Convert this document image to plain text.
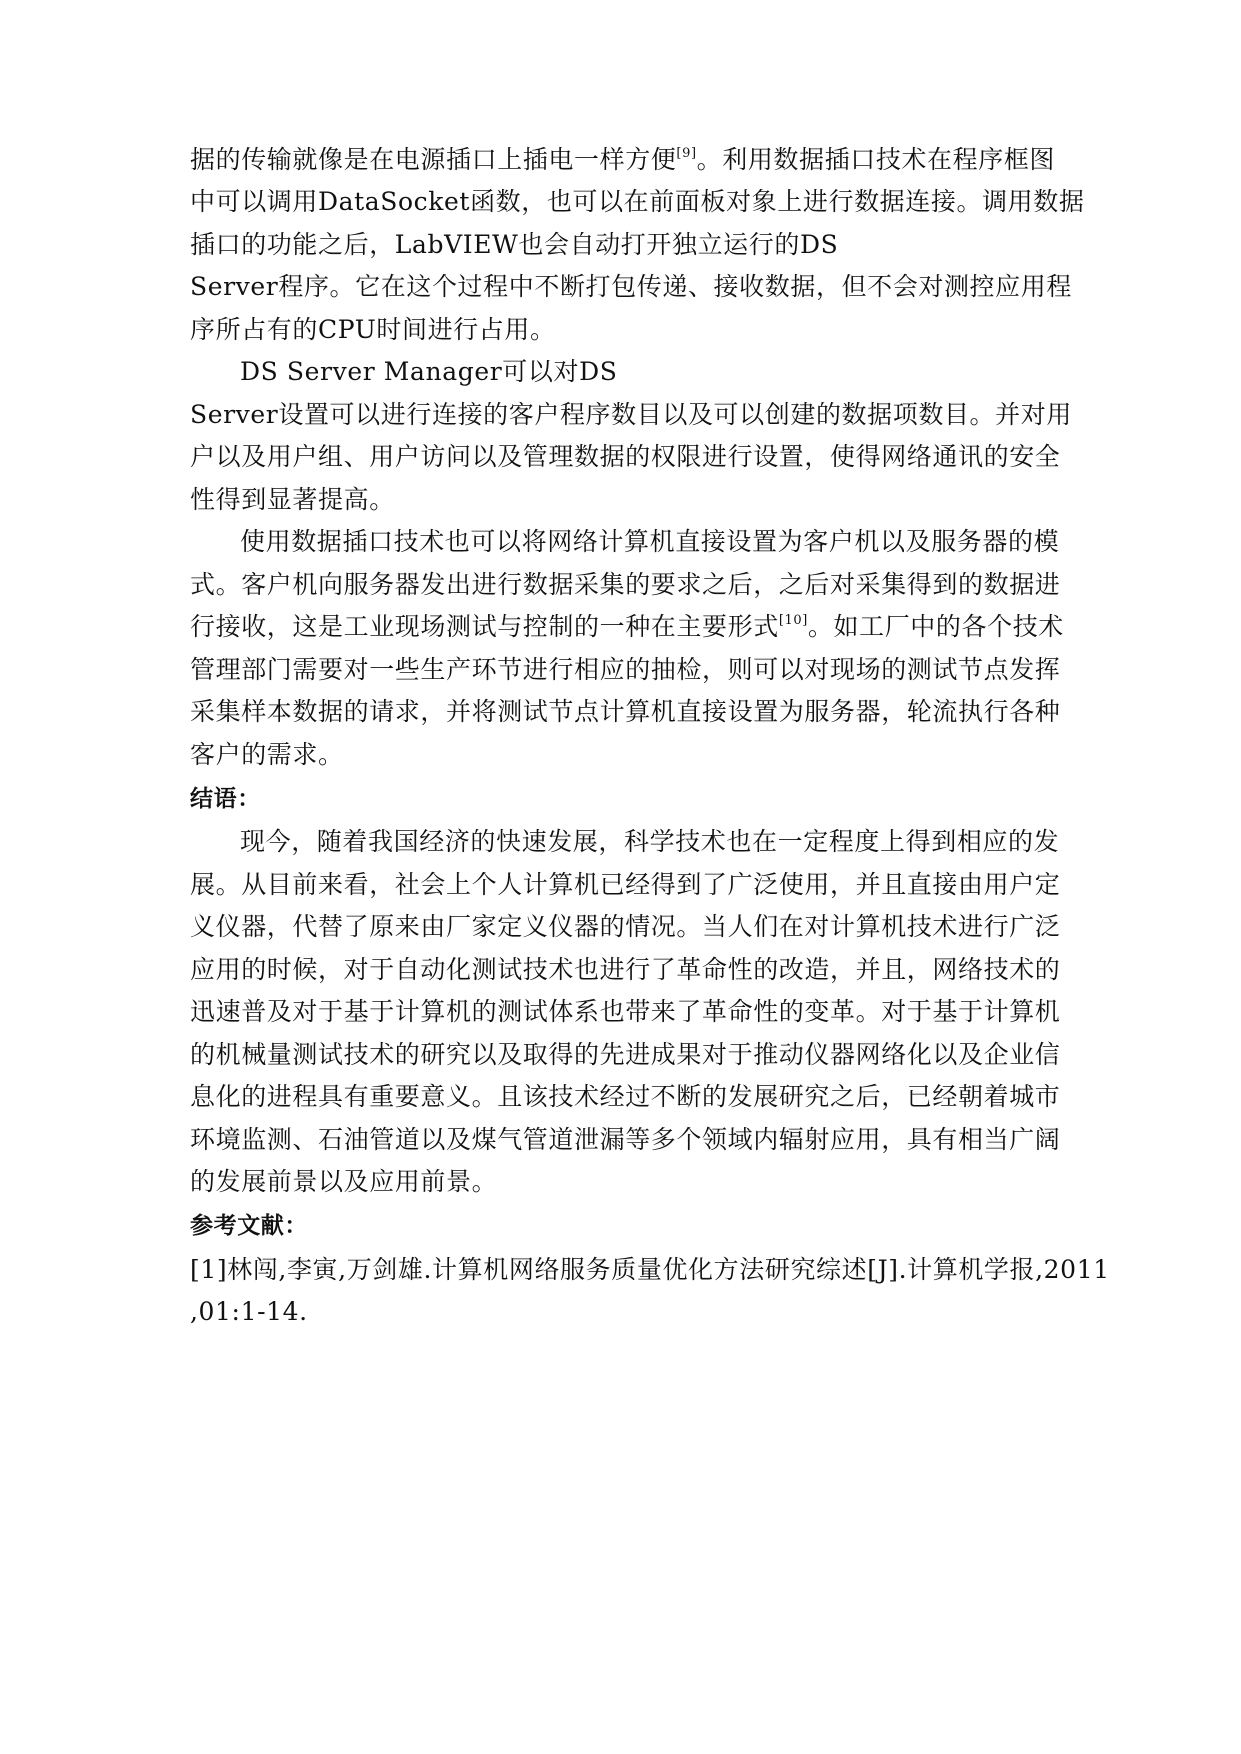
据的传输就像是在电源插口上插电一样方便[9]。利用数据插口技术在程序框图
中可以调用DataSocket函数，也可以在前面板对象上进行数据连接。调用数据
插口的功能之后，LabVIEW也会自动打开独立运行的DS
Server程序。它在这个过程中不断打包传递、接收数据，但不会对测控应用程
序所占有的CPU时间进行占用。
DS Server Manager可以对DS
Server设置可以进行连接的客户程序数目以及可以创建的数据项数目。并对用
户以及用户组、用户访问以及管理数据的权限进行设置，使得网络通讯的安全
性得到显著提高。
使用数据插口技术也可以将网络计算机直接设置为客户机以及服务器的模
式。客户机向服务器发出进行数据采集的要求之后，之后对采集得到的数据进
行接收，这是工业现场测试与控制的一种在主要形式[10]。如工厂中的各个技术
管理部门需要对一些生产环节进行相应的抽检，则可以对现场的测试节点发挥
采集样本数据的请求，并将测试节点计算机直接设置为服务器，轮流执行各种
客户的需求。
结语：
现今，随着我国经济的快速发展，科学技术也在一定程度上得到相应的发
展。从目前来看，社会上个人计算机已经得到了广泛使用，并且直接由用户定
义仪器，代替了原来由厂家定义仪器的情况。当人们在对计算机技术进行广泛
应用的时候，对于自动化测试技术也进行了革命性的改造，并且，网络技术的
迅速普及对于基于计算机的测试体系也带来了革命性的变革。对于基于计算机
的机械量测试技术的研究以及取得的先进成果对于推动仪器网络化以及企业信
息化的进程具有重要意义。且该技术经过不断的发展研究之后，已经朝着城市
环境监测、石油管道以及煤气管道泄漏等多个领域内辐射应用，具有相当广阔
的发展前景以及应用前景。
参考文献：
[1]林闯,李寅,万剑雄.计算机网络服务质量优化方法研究综述[J].计算机学报,2011
,01:1-14.
